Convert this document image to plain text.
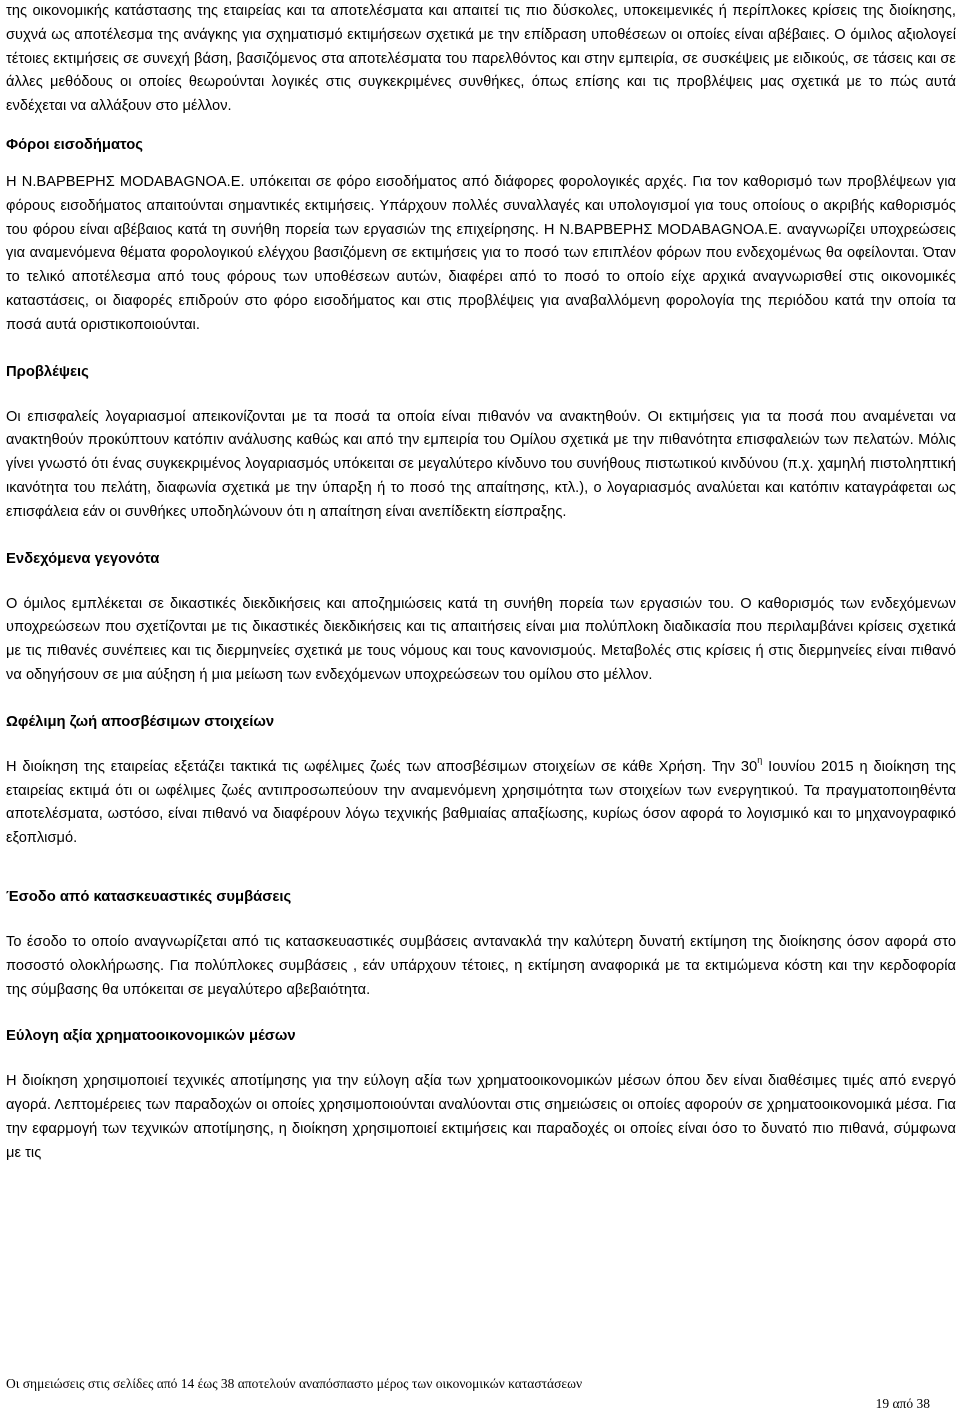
της οικονομικής κατάστασης της εταιρείας και τα αποτελέσματα και απαιτεί τις πιο δύσκολες, υποκειμενικές ή περίπλοκες κρίσεις της διοίκησης, συχνά ως αποτέλεσμα της ανάγκης για σχηματισμό εκτιμήσεων σχετικά με την επίδραση υποθέσεων οι οποίες είναι αβέβαιες. Ο όμιλος αξιολογεί τέτοιες εκτιμήσεις σε συνεχή βάση, βασιζόμενος στα αποτελέσματα του παρελθόντος και στην εμπειρία, σε συσκέψεις με ειδικούς, σε τάσεις και σε άλλες μεθόδους οι οποίες θεωρούνται λογικές στις συγκεκριμένες συνθήκες, όπως επίσης και τις προβλέψεις μας σχετικά με το πώς αυτά ενδέχεται να αλλάξουν στο μέλλον.

Φόροι εισοδήματος

Η Ν.ΒΑΡΒΕΡΗΣ MODABAGNOA.E. υπόκειται σε φόρο εισοδήματος από διάφορες φορολογικές αρχές. Για τον καθορισμό των προβλέψεων για φόρους εισοδήματος απαιτούνται σημαντικές εκτιμήσεις. Υπάρχουν πολλές συναλλαγές και υπολογισμοί για τους οποίους ο ακριβής καθορισμός του φόρου είναι αβέβαιος κατά τη συνήθη πορεία των εργασιών της επιχείρησης. Η Ν.ΒΑΡΒΕΡΗΣ MODABAGNOA.E. αναγνωρίζει υποχρεώσεις για αναμενόμενα θέματα φορολογικού ελέγχου βασιζόμενη σε εκτιμήσεις για το ποσό των επιπλέον φόρων που ενδεχομένως θα οφείλονται. Όταν το τελικό αποτέλεσμα από τους φόρους των υποθέσεων αυτών, διαφέρει από το ποσό το οποίο είχε αρχικά αναγνωρισθεί στις οικονομικές καταστάσεις, οι διαφορές επιδρούν στο φόρο εισοδήματος και στις προβλέψεις για αναβαλλόμενη φορολογία της περιόδου κατά την οποία τα ποσά αυτά οριστικοποιούνται.

Προβλέψεις

Οι επισφαλείς λογαριασμοί απεικονίζονται με τα ποσά τα οποία είναι πιθανόν να ανακτηθούν. Οι εκτιμήσεις για τα ποσά που αναμένεται να ανακτηθούν προκύπτουν κατόπιν ανάλυσης καθώς και από την εμπειρία του Ομίλου σχετικά με την πιθανότητα επισφαλειών των πελατών. Μόλις γίνει γνωστό ότι ένας συγκεκριμένος λογαριασμός υπόκειται σε μεγαλύτερο κίνδυνο του συνήθους πιστωτικού κινδύνου (π.χ. χαμηλή πιστοληπτική ικανότητα του πελάτη, διαφωνία σχετικά με την ύπαρξη ή το ποσό της απαίτησης, κτλ.), ο λογαριασμός αναλύεται και κατόπιν καταγράφεται ως επισφάλεια εάν οι συνθήκες υποδηλώνουν ότι η απαίτηση είναι ανεπίδεκτη είσπραξης.

Ενδεχόμενα γεγονότα

Ο όμιλος εμπλέκεται σε δικαστικές διεκδικήσεις και αποζημιώσεις κατά τη συνήθη πορεία των εργασιών του. Ο καθορισμός των ενδεχόμενων υποχρεώσεων που σχετίζονται με τις δικαστικές διεκδικήσεις και τις απαιτήσεις είναι μια πολύπλοκη διαδικασία που περιλαμβάνει κρίσεις σχετικά με τις πιθανές συνέπειες και τις διερμηνείες σχετικά με τους νόμους και τους κανονισμούς. Μεταβολές στις κρίσεις ή στις διερμηνείες είναι πιθανό να οδηγήσουν σε μια αύξηση ή μια μείωση των ενδεχόμενων υποχρεώσεων του ομίλου στο μέλλον.

Ωφέλιμη ζωή αποσβέσιμων στοιχείων

Η διοίκηση της εταιρείας εξετάζει τακτικά τις ωφέλιμες ζωές των αποσβέσιμων στοιχείων σε κάθε Χρήση. Την $30^\eta$ Ιουνίου 2015 η διοίκηση της εταιρείας εκτιμά ότι οι ωφέλιμες ζωές αντιπροσωπεύουν την αναμενόμενη χρησιμότητα των στοιχείων των ενεργητικού. Τα πραγματοποιηθέντα αποτελέσματα, ωστόσο, είναι πιθανό να διαφέρουν λόγω τεχνικής βαθμιαίας απαξίωσης, κυρίως όσον αφορά το λογισμικό και το μηχανογραφικό εξοπλισμό.

Έσοδο από κατασκευαστικές συμβάσεις

Το έσοδο το οποίο αναγνωρίζεται από τις κατασκευαστικές συμβάσεις αντανακλά την καλύτερη δυνατή εκτίμηση της διοίκησης όσον αφορά στο ποσοστό ολοκλήρωσης. Για πολύπλοκες συμβάσεις , εάν υπάρχουν τέτοιες, η εκτίμηση αναφορικά με τα εκτιμώμενα κόστη και την κερδοφορία της σύμβασης θα υπόκειται σε μεγαλύτερο αβεβαιότητα.

Εύλογη αξία χρηματοοικονομικών μέσων

Η διοίκηση χρησιμοποιεί τεχνικές αποτίμησης για την εύλογη αξία των χρηματοοικονομικών μέσων όπου δεν είναι διαθέσιμες τιμές από ενεργό αγορά. Λεπτομέρειες των παραδοχών οι οποίες χρησιμοποιούνται αναλύονται στις σημειώσεις οι οποίες αφορούν σε χρηματοοικονομικά μέσα. Για την εφαρμογή των τεχνικών αποτίμησης, η διοίκηση χρησιμοποιεί εκτιμήσεις και παραδοχές οι οποίες είναι όσο το δυνατό πιο πιθανά, σύμφωνα με τις

Οι σημειώσεις στις σελίδες από 14 έως 38 αποτελούν αναπόσπαστο μέρος των οικονομικών καταστάσεων
19 από 38
